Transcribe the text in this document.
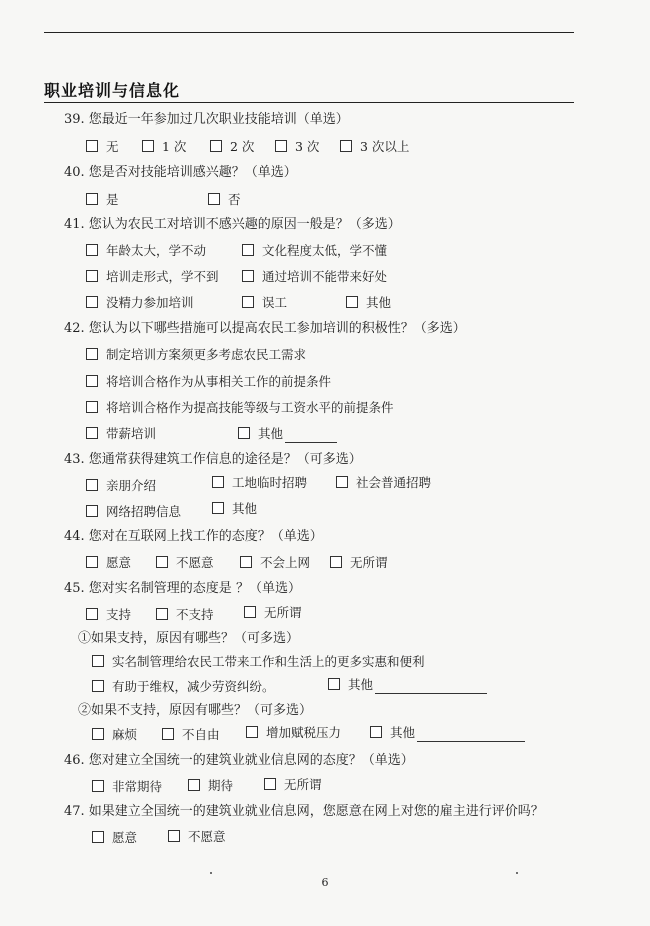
职业培训与信息化
39. 您最近一年参加过几次职业技能培训（单选）
无	1 次	2 次	3 次	3 次以上
40. 您是否对技能培训感兴趣？（单选）
是	否
41. 您认为农民工对培训不感兴趣的原因一般是？（多选）
年龄太大，学不动	文化程度太低，学不懂
培训走形式，学不到	通过培训不能带来好处
没精力参加培训	误工	其他
42. 您认为以下哪些措施可以提高农民工参加培训的积极性？（多选）
制定培训方案须更多考虑农民工需求
将培训合格作为从事相关工作的前提条件
将培训合格作为提高技能等级与工资水平的前提条件
带薪培训	其他
43. 您通常获得建筑工作信息的途径是？（可多选）
亲朋介绍	工地临时招聘	社会普通招聘
网络招聘信息	其他
44. 您对在互联网上找工作的态度？（单选）
愿意	不愿意	不会上网	无所谓
45. 您对实名制管理的态度是 ？（单选）
支持	不支持	无所谓
①如果支持，原因有哪些？（可多选）
实名制管理给农民工带来工作和生活上的更多实惠和便利
有助于维权，减少劳资纠纷。	其他
②如果不支持，原因有哪些？（可多选）
麻烦	不自由	增加赋税压力	其他
46. 您对建立全国统一的建筑业就业信息网的态度？（单选）
非常期待	期待	无所谓
47. 如果建立全国统一的建筑业就业信息网，您愿意在网上对您的雇主进行评价吗？
愿意	不愿意
6
